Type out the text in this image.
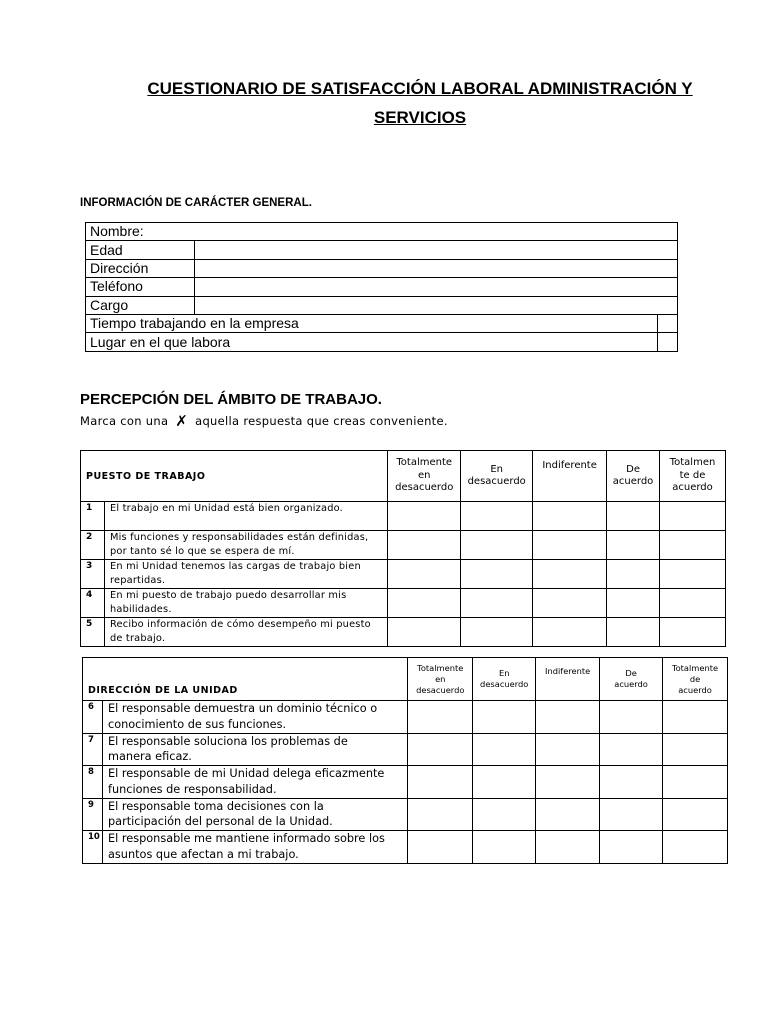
CUESTIONARIO DE SATISFACCIÓN LABORAL ADMINISTRACIÓN Y
SERVICIOS
INFORMACIÓN DE CARÁCTER GENERAL.
Nombre:		
Edad		
Dirección		
Teléfono		
Cargo		
Tiempo trabajando en la empresa		
Lugar en el que labora		
PERCEPCIÓN DEL ÁMBITO DE TRABAJO.
Marca con una ✗ aquella respuesta que creas conveniente.
PUESTO DE TRABAJO		Totalmente
en
desacuerdo	En
desacuerdo	Indiferente	De
acuerdo	Totalmen
te de
acuerdo
1	El trabajo en mi Unidad está bien organizado.					
2	Mis funciones y responsabilidades están definidas,
por tanto sé lo que se espera de mí.					
3	En mi Unidad tenemos las cargas de trabajo bien
repartidas.					
4	En mi puesto de trabajo puedo desarrollar mis
habilidades.					
5	Recibo información de cómo desempeño mi puesto
de trabajo.					
DIRECCIÓN DE LA UNIDAD		Totalmente
en
desacuerdo	En
desacuerdo	Indiferente	De
acuerdo	Totalmente
de
acuerdo
6	El responsable demuestra un dominio técnico o
conocimiento de sus funciones.					
7	El responsable soluciona los problemas de
manera eficaz.					
8	El responsable de mi Unidad delega eficazmente
funciones de responsabilidad.					
9	El responsable toma decisiones con la
participación del personal de la Unidad.					
10	El responsable me mantiene informado sobre los
asuntos que afectan a mi trabajo.					
